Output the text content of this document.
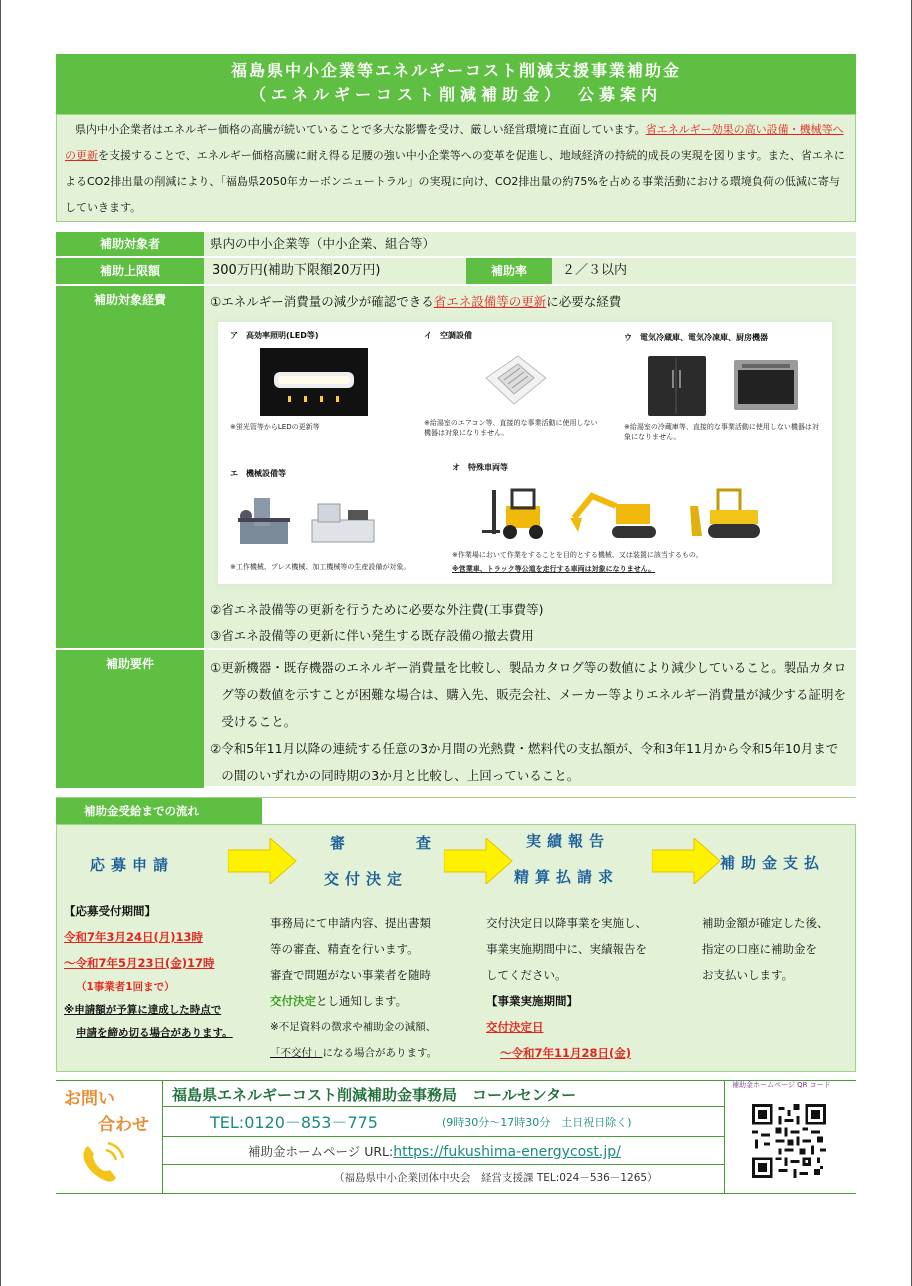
福島県中小企業等エネルギーコスト削減支援事業補助金
（エネルギーコスト削減補助金）　公募案内
県内中小企業者はエネルギー価格の高騰が続いていることで多大な影響を受け、厳しい経営環境に直面しています。省エネルギー効果の高い設備・機械等への更新を支援することで、エネルギー価格高騰に耐え得る足腰の強い中小企業等への変革を促進し、地域経済の持続的成長の実現を図ります。また、省エネによるCO2排出量の削減により、「福島県2050年カーボンニュートラル」の実現に向け、CO2排出量の約75%を占める事業活動における環境負荷の低減に寄与していきます。
補助対象者	県内の中小企業等（中小企業、組合等）
補助上限額	300万円(補助下限額20万円)	補助率	２／３以内
補助対象経費	①エネルギー消費量の減少が確認できる省エネ設備等の更新に必要な経費
②省エネ設備等の更新を行うために必要な外注費(工事費等)
③省エネ設備等の更新に伴い発生する既存設備の撤去費用
ア　高効率照明(LED等)
※蛍光管等からLEDの更新等
イ　空調設備
※給湯室のエアコン等、直接的な事業活動に使用しない機器は対象になりません。
ウ　電気冷蔵庫、電気冷凍庫、厨房機器
※給湯室の冷蔵庫等、直接的な事業活動に使用しない機器は対象になりません。
エ　機械設備等
※工作機械、プレス機械、加工機械等の生産設備が対象。
オ　特殊車両等
※作業場において作業をすることを目的とする機械、又は装置に該当するもの。
※営業車、トラック等公道を走行する車両は対象になりません。
補助要件	①更新機器・既存機器のエネルギー消費量を比較し、製品カタログ等の数値により減少していること。製品カタログ等の数値を示すことが困難な場合は、購入先、販売会社、メーカー等よりエネルギー消費量が減少する証明を受けること。
②令和5年11月以降の連続する任意の3か月間の光熱費・燃料代の支払額が、令和3年11月から令和5年10月までの間のいずれかの同時期の3か月と比較し、上回っていること。
補助金受給までの流れ
応募申請
審　査
交付決定
実績報告
精算払請求
補助金支払
【応募受付期間】
令和7年3月24日(月)13時
～令和7年5月23日(金)17時
（1事業者1回まで）
※申請額が予算に達成した時点で
申請を締め切る場合があります。
事務局にて申請内容、提出書類
等の審査、精査を行います。
審査で問題がない事業者を随時
交付決定とし通知します。
※不足資料の徴求や補助金の減額、
「不交付」になる場合があります。
交付決定日以降事業を実施し、
事業実施期間中に、実績報告を
してください。
【事業実施期間】
交付決定日
～令和7年11月28日(金)
補助金額が確定した後、
指定の口座に補助金を
お支払いします。
お問い
合わせ
福島県エネルギーコスト削減補助金事務局　コールセンター
TEL:0120－853－775	(9時30分～17時30分　土日祝日除く)
補助金ホームページ URL:https://fukushima-energycost.jp/
（福島県中小企業団体中央会　経営支援課 TEL:024－536－1265）
補助金ホームページ QR コード
